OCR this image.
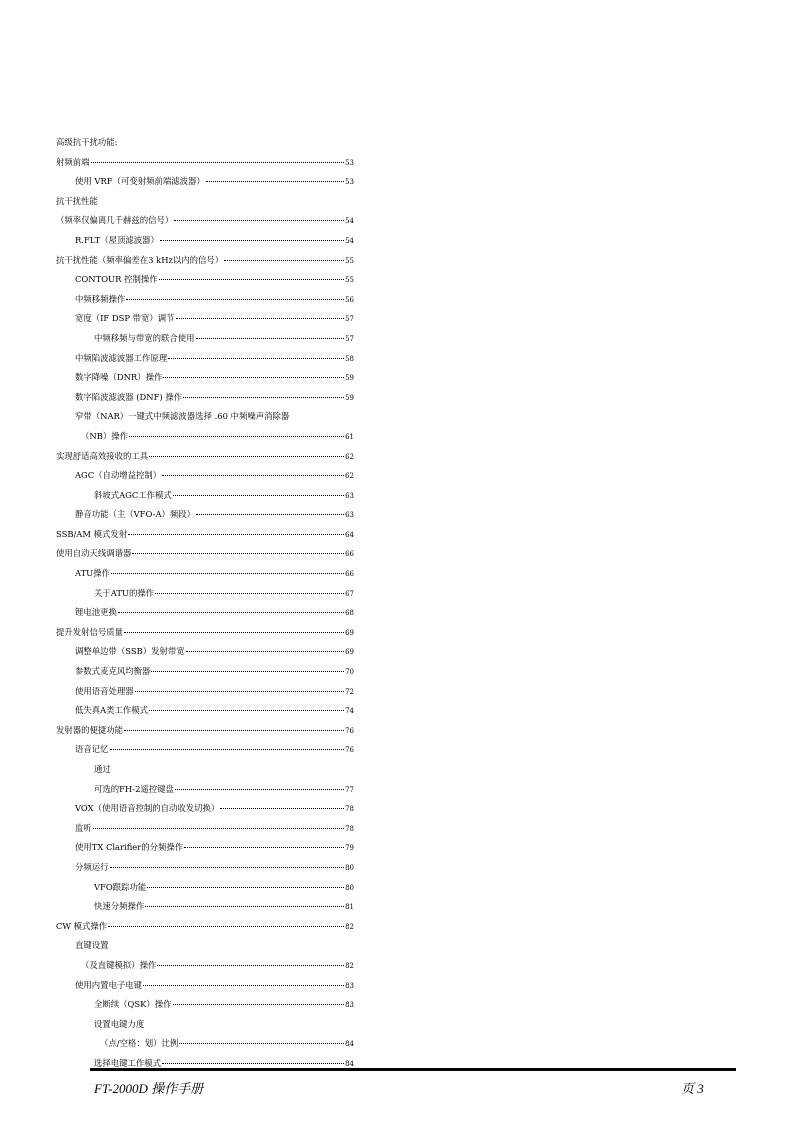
高级抗干扰功能:
射频前端	53
使用 VRF（可变射频前端滤波器）	53
抗干扰性能
（频率仅偏离几千赫兹的信号）	54
R.FLT（屋顶滤波器）	54
抗干扰性能（频率偏差在3 kHz以内的信号）	55
CONTOUR 控制操作	55
中频移频操作	56
宽度（IF DSP 带宽）调节	57
中频移频与带宽的联合使用	57
中频陷波滤波器工作原理	58
数字降噪（DNR）操作	59
数字陷波滤波器 (DNF) 操作	59
窄带（NAR）一键式中频滤波器选择 .60 中频噪声消除器
（NB）操作	61
实现舒适高效接收的工具	62
AGC（自动增益控制）	62
斜坡式AGC工作模式	63
静音功能（主（VFO-A）频段）	63
SSB/AM 模式发射	64
使用自动天线调谐器	66
ATU操作	66
关于ATU的操作	67
锂电池更换	68
提升发射信号质量	69
调整单边带（SSB）发射带宽	69
参数式麦克风均衡器	70
使用语音处理器	72
低失真A类工作模式	74
发射器的便捷功能	76
语音记忆	76
通过
可选的FH-2遥控键盘	77
VOX（使用语音控制的自动收发切换）	78
监听	78
使用TX Clarifier的分频操作	79
分频运行	80
VFO跟踪功能	80
快速分频操作	81
CW 模式操作	82
直键设置
（及直键模拟）操作	82
使用内置电子电键	83
全断续（QSK）操作	83
设置电键力度
（点/空格：划）比例	84
选择电键工作模式	84
FT-2000D 操作手册	页 3
